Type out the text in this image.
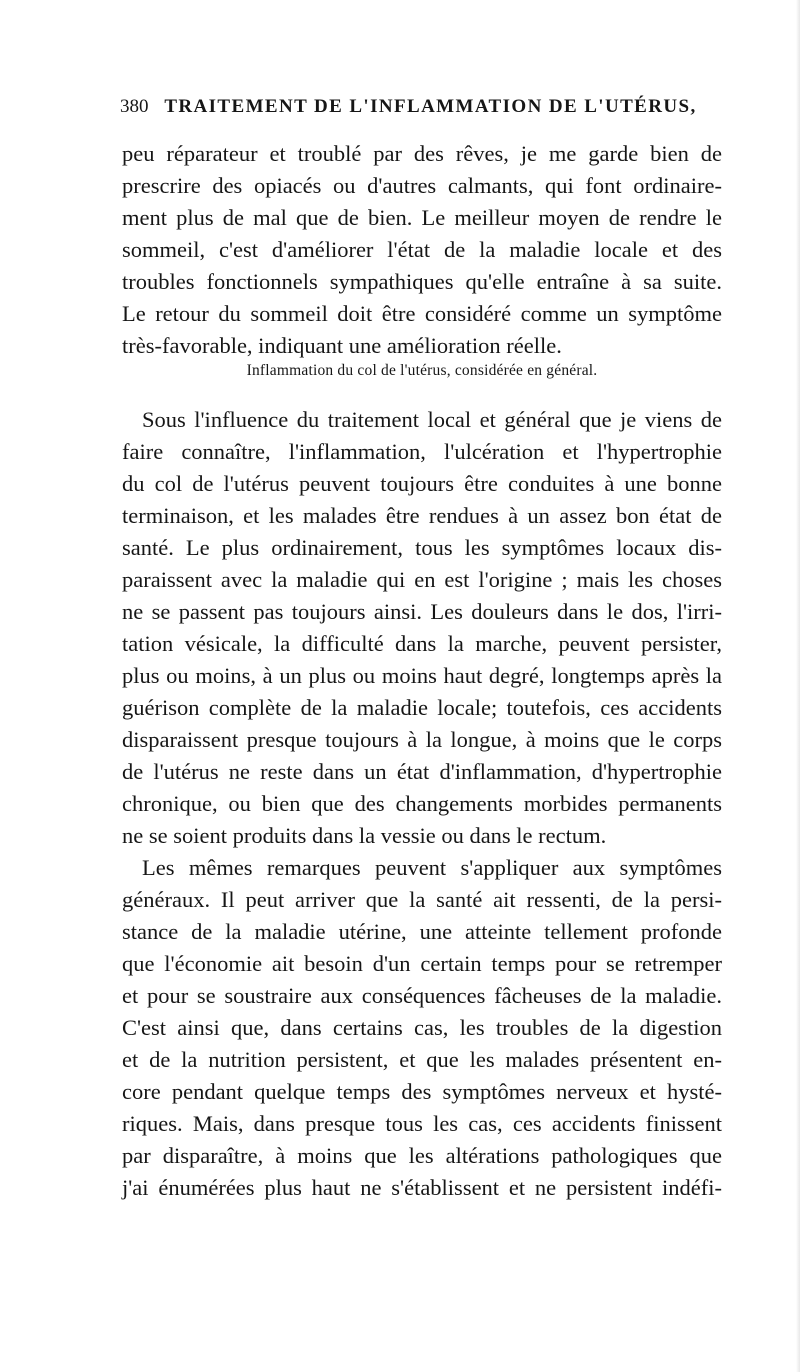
380 TRAITEMENT DE L'INFLAMMATION DE L'UTÉRUS,
peu réparateur et troublé par des rêves, je me garde bien de
prescrire des opiacés ou d'autres calmants, qui font ordinaire-
ment plus de mal que de bien. Le meilleur moyen de rendre le
sommeil, c'est d'améliorer l'état de la maladie locale et des
troubles fonctionnels sympathiques qu'elle entraîne à sa suite.
Le retour du sommeil doit être considéré comme un symptôme
très-favorable, indiquant une amélioration réelle.
Inflammation du col de l'utérus, considérée en général.
Sous l'influence du traitement local et général que je viens de
faire connaître, l'inflammation, l'ulcération et l'hypertrophie
du col de l'utérus peuvent toujours être conduites à une bonne
terminaison, et les malades être rendues à un assez bon état de
santé. Le plus ordinairement, tous les symptômes locaux dis-
paraissent avec la maladie qui en est l'origine ; mais les choses
ne se passent pas toujours ainsi. Les douleurs dans le dos, l'irri-
tation vésicale, la difficulté dans la marche, peuvent persister,
plus ou moins, à un plus ou moins haut degré, longtemps après la
guérison complète de la maladie locale; toutefois, ces accidents
disparaissent presque toujours à la longue, à moins que le corps
de l'utérus ne reste dans un état d'inflammation, d'hypertrophie
chronique, ou bien que des changements morbides permanents
ne se soient produits dans la vessie ou dans le rectum.
Les mêmes remarques peuvent s'appliquer aux symptômes
généraux. Il peut arriver que la santé ait ressenti, de la persi-
stance de la maladie utérine, une atteinte tellement profonde
que l'économie ait besoin d'un certain temps pour se retremper
et pour se soustraire aux conséquences fâcheuses de la maladie.
C'est ainsi que, dans certains cas, les troubles de la digestion
et de la nutrition persistent, et que les malades présentent en-
core pendant quelque temps des symptômes nerveux et hysté-
riques. Mais, dans presque tous les cas, ces accidents finissent
par disparaître, à moins que les altérations pathologiques que
j'ai énumérées plus haut ne s'établissent et ne persistent indéfi-
